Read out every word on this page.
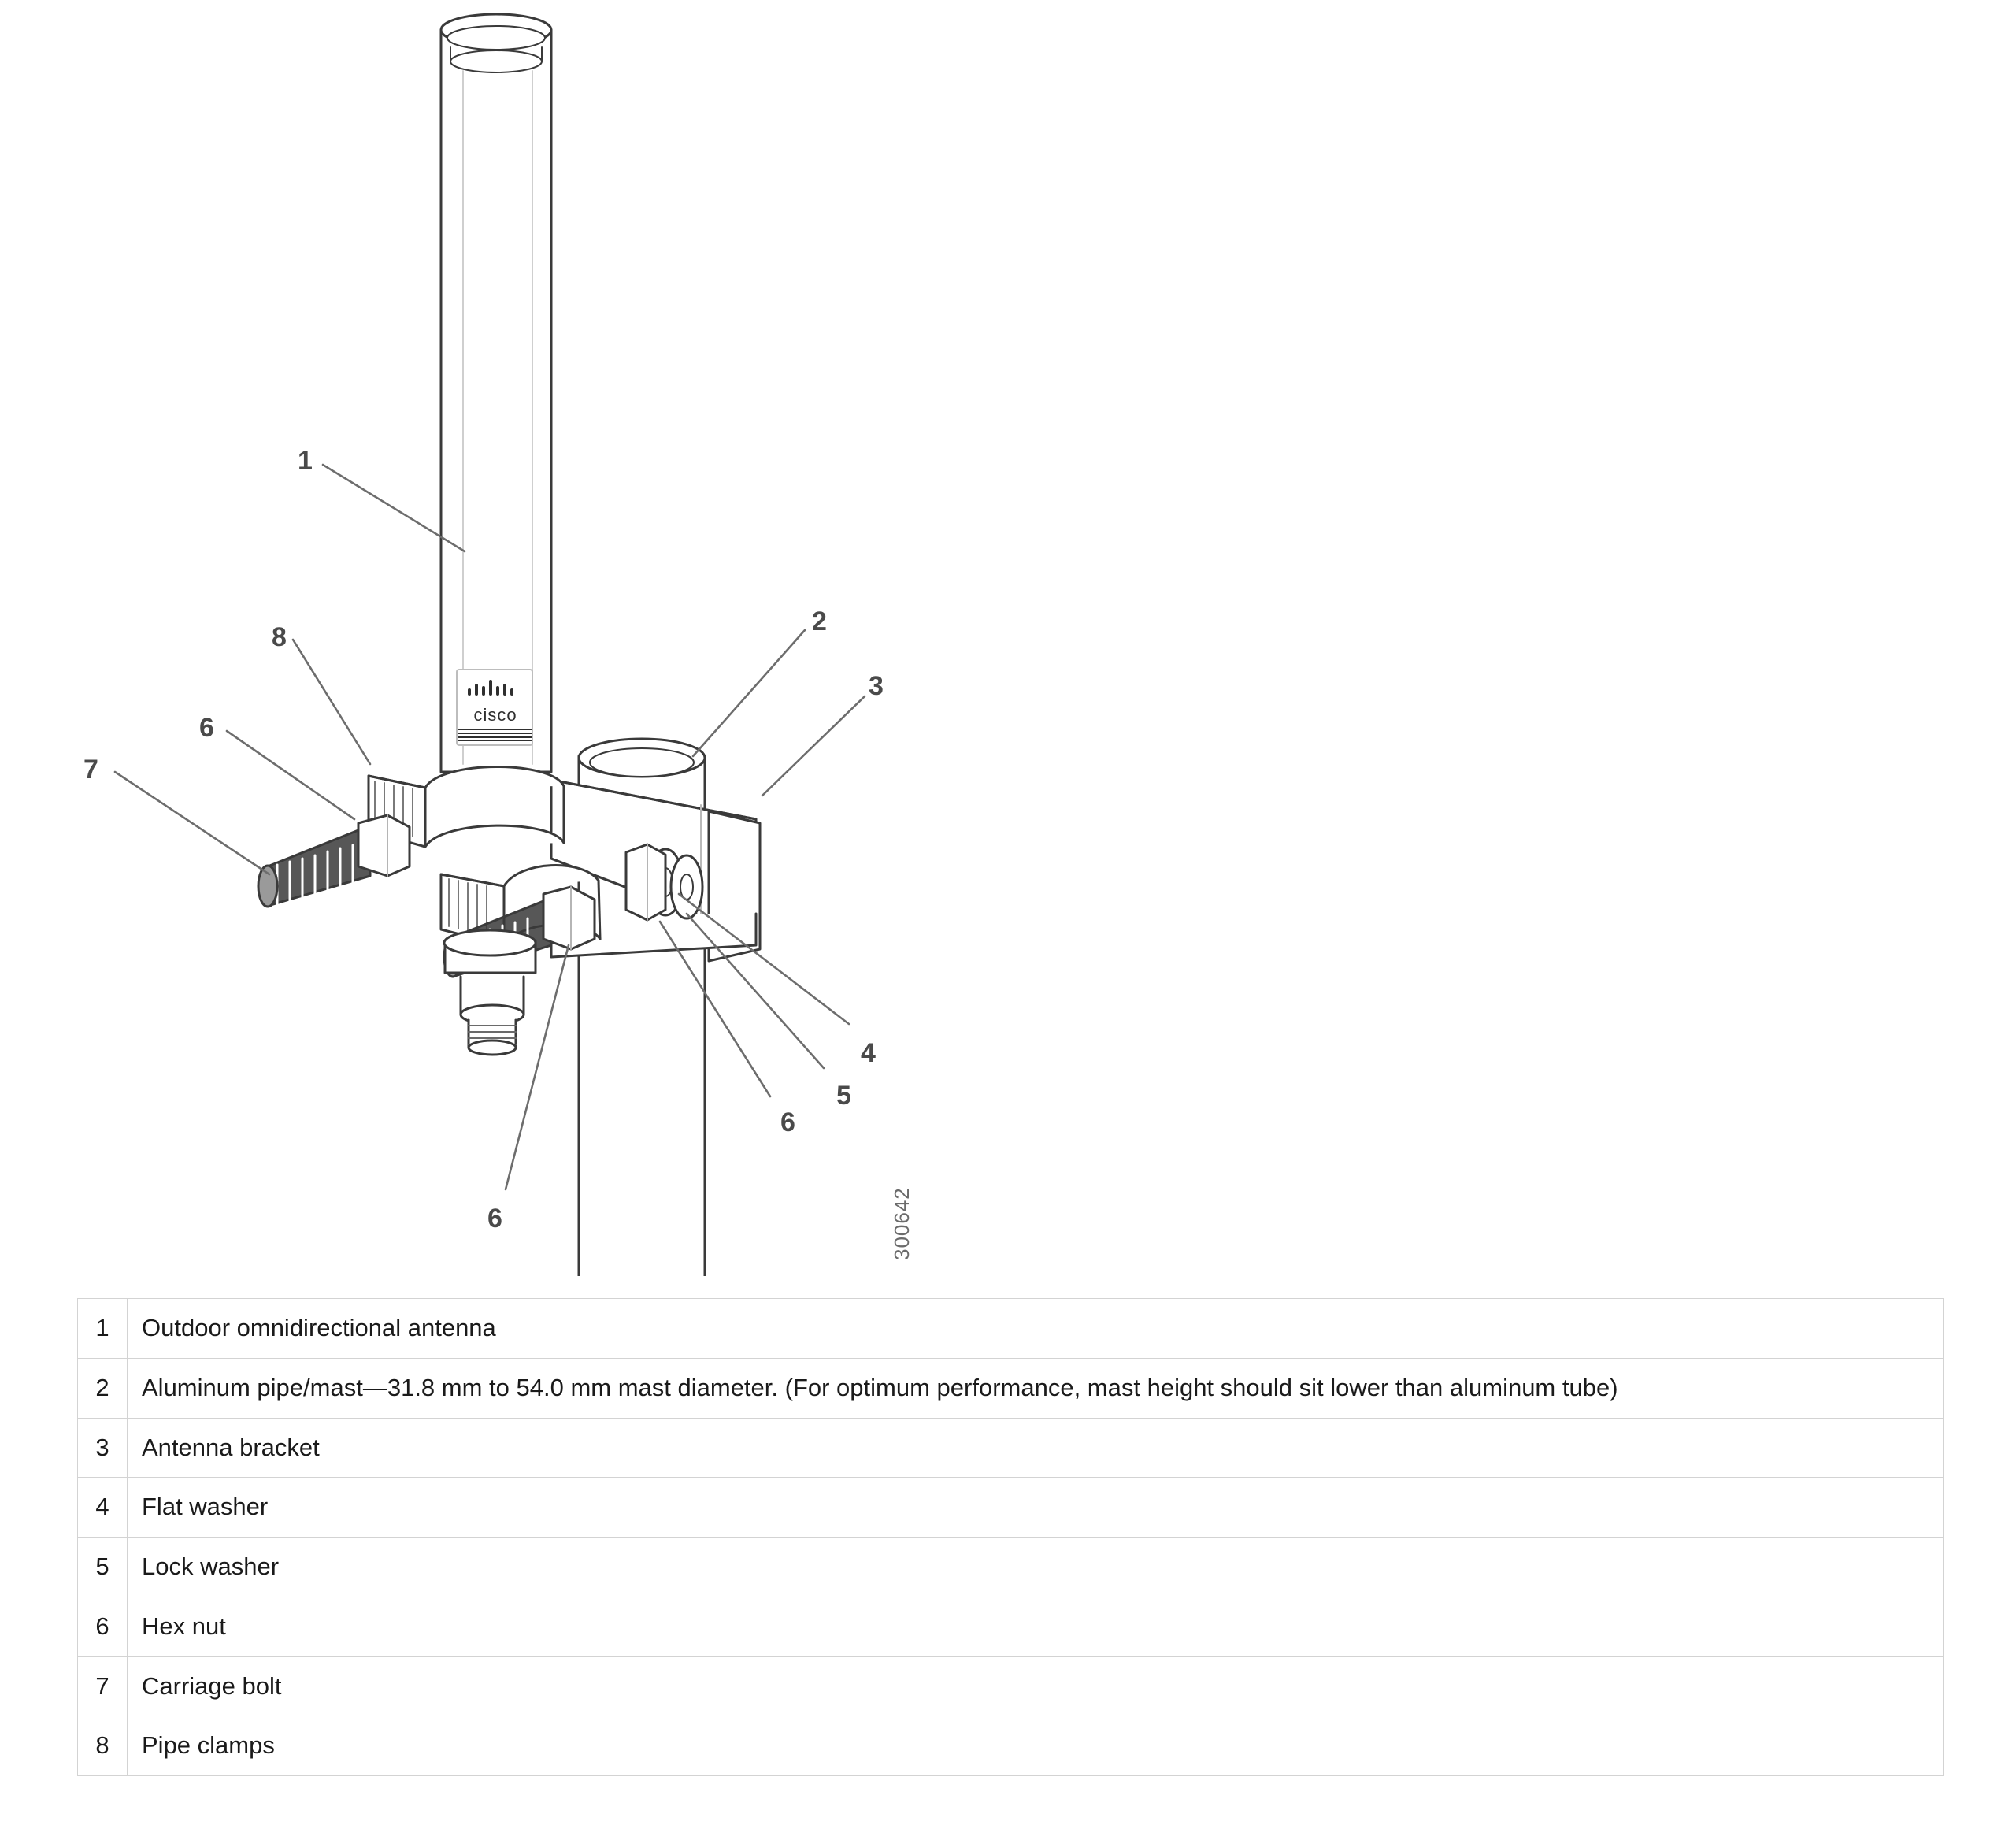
cisco
1
8
6
7
2
3
4
5
6
6	300642
1	Outdoor omnidirectional antenna
2	Aluminum pipe/mast—31.8 mm to 54.0 mm mast diameter. (For optimum performance, mast height should sit lower than aluminum tube)
3	Antenna bracket
4	Flat washer
5	Lock washer
6	Hex nut
7	Carriage bolt
8	Pipe clamps
